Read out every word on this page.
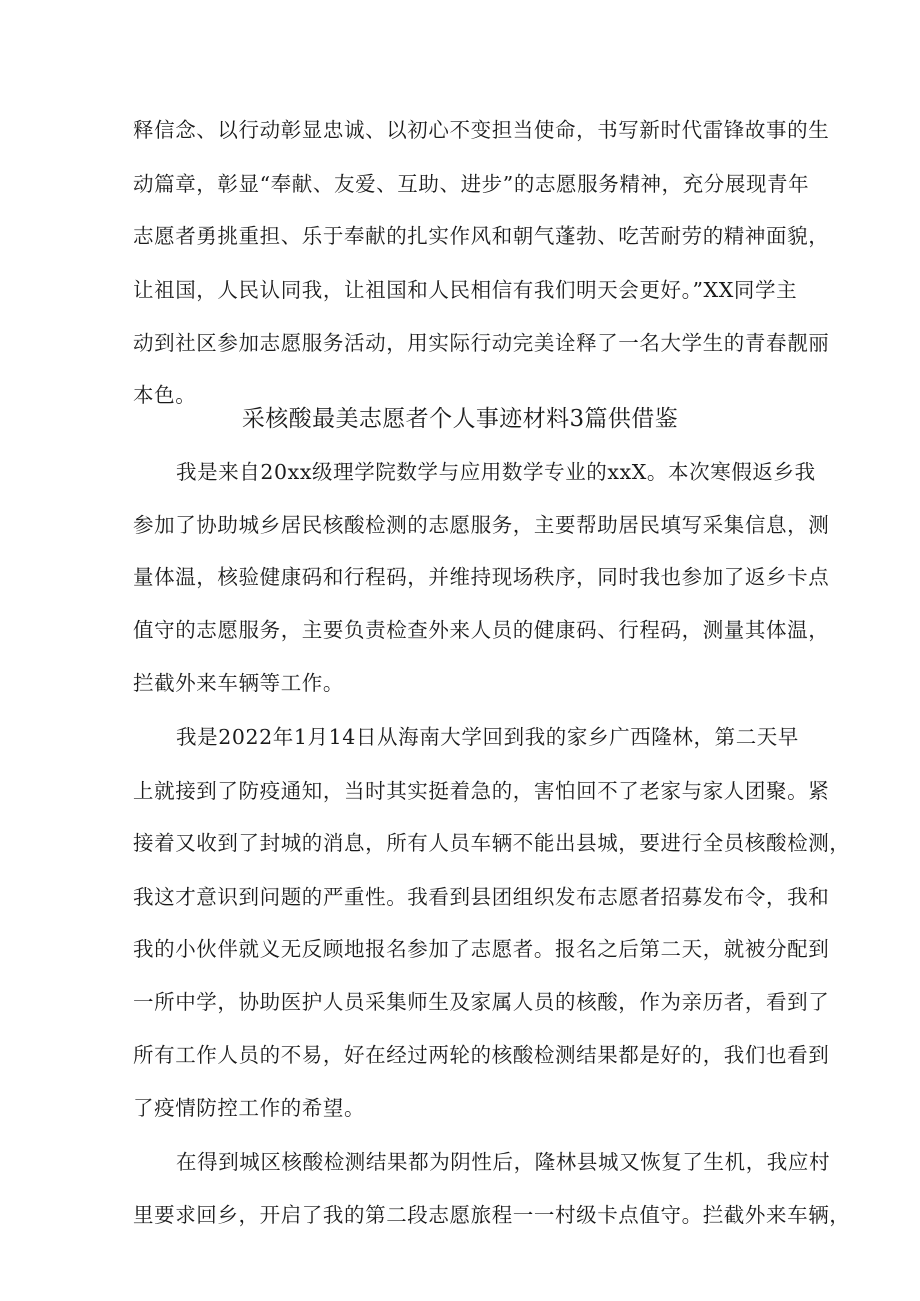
释信念、以行动彰显忠诚、以初心不变担当使命，书写新时代雷锋故事的生
动篇章，彰显“奉献、友爱、互助、进步”的志愿服务精神，充分展现青年
志愿者勇挑重担、乐于奉献的扎实作风和朝气蓬勃、吃苦耐劳的精神面貌，
让祖国，人民认同我，让祖国和人民相信有我们明天会更好。”XX同学主
动到社区参加志愿服务活动，用实际行动完美诠释了一名大学生的青春靓丽
本色。
采核酸最美志愿者个人事迹材料3篇供借鉴
我是来自20xx级理学院数学与应用数学专业的xxX。本次寒假返乡我
参加了协助城乡居民核酸检测的志愿服务，主要帮助居民填写采集信息，测
量体温，核验健康码和行程码，并维持现场秩序，同时我也参加了返乡卡点
值守的志愿服务，主要负责检查外来人员的健康码、行程码，测量其体温，
拦截外来车辆等工作。
我是2022年1月14日从海南大学回到我的家乡广西隆林，第二天早
上就接到了防疫通知，当时其实挺着急的，害怕回不了老家与家人团聚。紧
接着又收到了封城的消息，所有人员车辆不能出县城，要进行全员核酸检测，
我这才意识到问题的严重性。我看到县团组织发布志愿者招募发布令，我和
我的小伙伴就义无反顾地报名参加了志愿者。报名之后第二天，就被分配到
一所中学，协助医护人员采集师生及家属人员的核酸，作为亲历者，看到了
所有工作人员的不易，好在经过两轮的核酸检测结果都是好的，我们也看到
了疫情防控工作的希望。
在得到城区核酸检测结果都为阴性后，隆林县城又恢复了生机，我应村
里要求回乡，开启了我的第二段志愿旅程一一村级卡点值守。拦截外来车辆，
